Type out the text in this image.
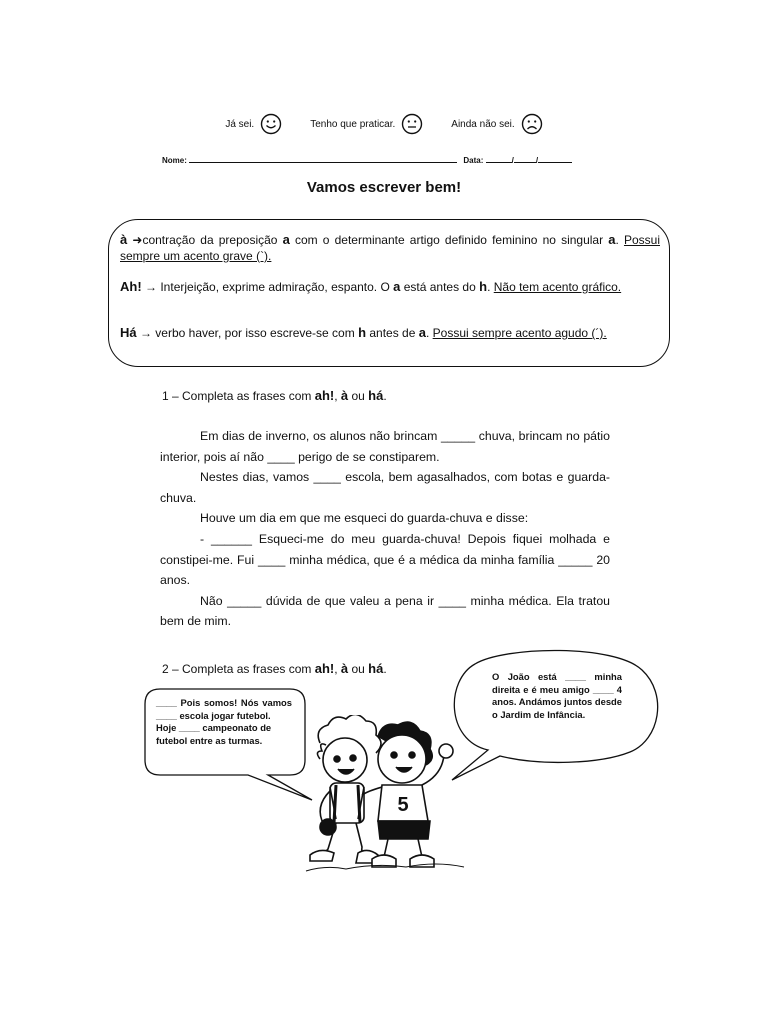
Já sei.	Tenho que praticar.	Ainda não sei.
Nome:	Data:	/	/
Vamos escrever bem!
à ➜contração da preposição a com o determinante artigo definido feminino no singular a. Possui sempre um acento grave (`).
Ah! → Interjeição, exprime admiração, espanto. O a está antes do h. Não tem acento gráfico.
Há → verbo haver, por isso escreve-se com h antes de a. Possui sempre acento agudo (´).
1 – Completa as frases com ah!, à ou há.

Em dias de inverno, os alunos não brincam _____ chuva, brincam no pátio interior, pois aí não ____ perigo de se constiparem.

Nestes dias, vamos ____ escola, bem agasalhados, com botas e guarda-chuva.

Houve um dia em que me esqueci do guarda-chuva e disse:

- ______ Esqueci-me do meu guarda-chuva! Depois fiquei molhada e constipei-me. Fui ____ minha médica, que é a médica da minha família _____ 20 anos.

Não _____ dúvida de que valeu a pena ir ____ minha médica. Ela tratou bem de mim.

2 – Completa as frases com ah!, à ou há.

____ Pois somos! Nós vamos ____ escola jogar futebol.

Hoje ____ campeonato de futebol entre as turmas.

O João está ____ minha direita e é meu amigo ____ 4 anos. Andámos juntos desde o Jardim de Infância.
5
